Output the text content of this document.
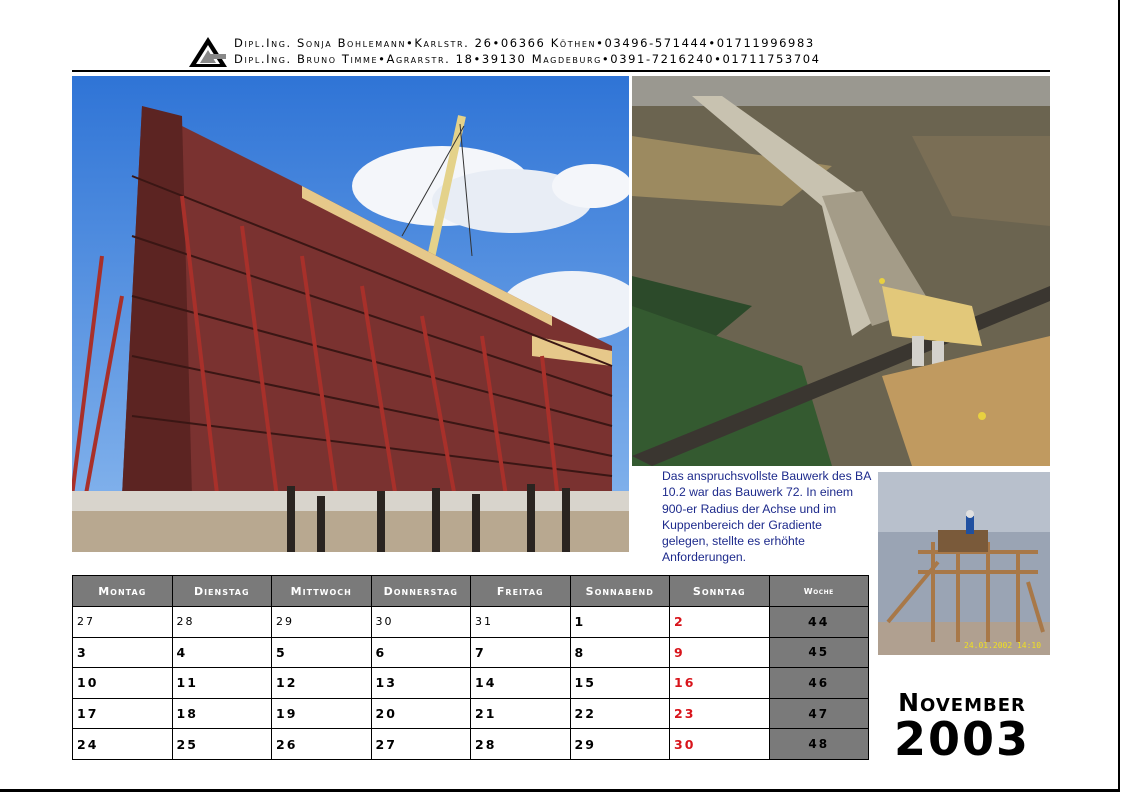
Dipl.Ing. Sonja Bohlemann•Karlstr. 26•06366 Köthen•03496-571444•01711996983
Dipl.Ing. Bruno Timme•Agrarstr. 18•39130 Magdeburg•0391-7216240•01711753704
24.01.2002 14:10
Das anspruchsvollste Bauwerk des BA 10.2 war das Bauwerk 72. In einem 900-er Radius der Achse und im Kuppenbereich der Gradiente gelegen, stellte es erhöhte Anforderungen.
November
2003
Montag	Dienstag	Mittwoch	Donnerstag	Freitag	Sonnabend	Sonntag	Woche
27	28	29	30	31	1	2	44
3	4	5	6	7	8	9	45
10	11	12	13	14	15	16	46
17	18	19	20	21	22	23	47
24	25	26	27	28	29	30	48
